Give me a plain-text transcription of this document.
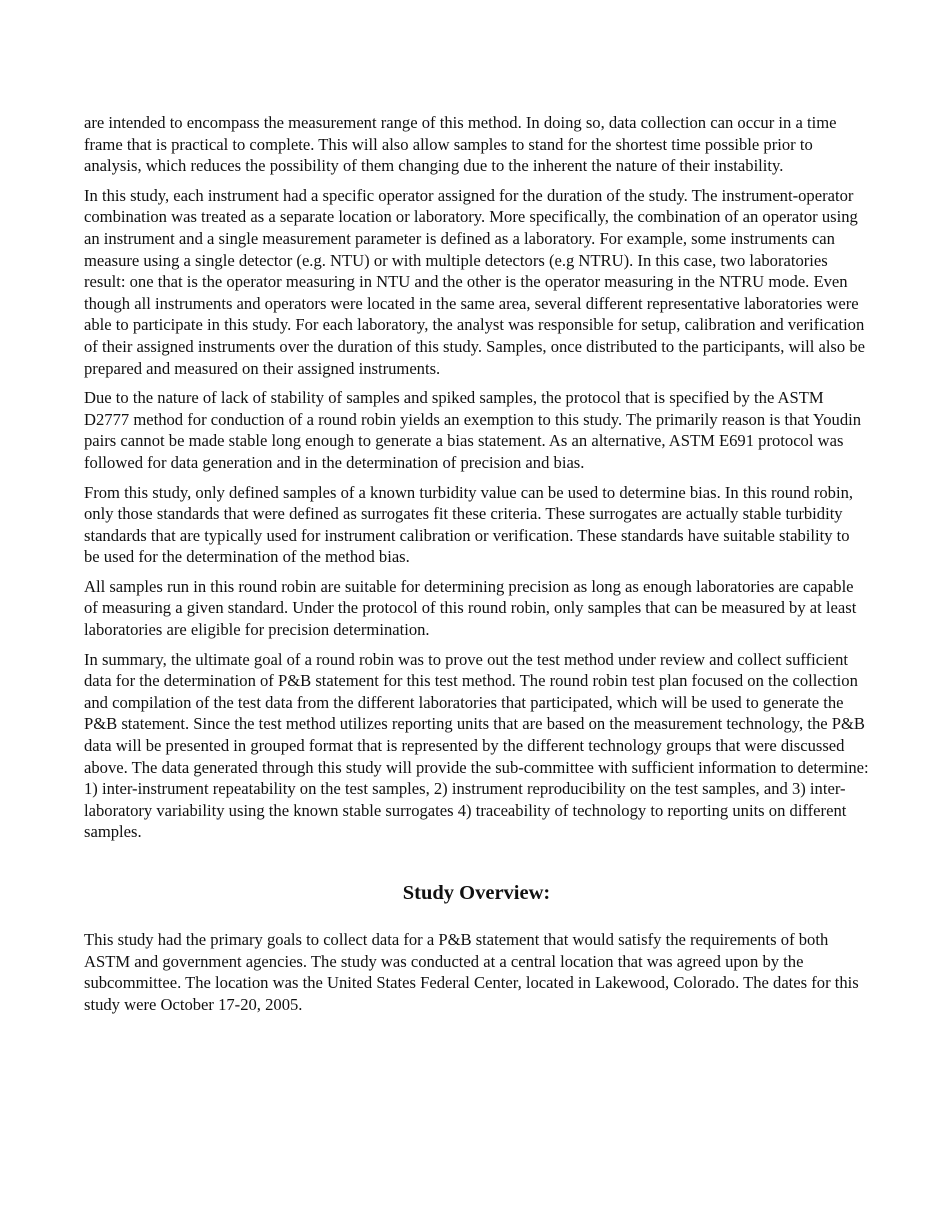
are intended to encompass the measurement range of this method. In doing so, data collection can occur in a time frame that is practical to complete. This will also allow samples to stand for the shortest time possible prior to analysis, which reduces the possibility of them changing due to the inherent the nature of their instability.

In this study, each instrument had a specific operator assigned for the duration of the study. The instrument-operator combination was treated as a separate location or laboratory. More specifically, the combination of an operator using an instrument and a single measurement parameter is defined as a laboratory. For example, some instruments can measure using a single detector (e.g. NTU) or with multiple detectors (e.g NTRU). In this case, two laboratories result: one that is the operator measuring in NTU and the other is the operator measuring in the NTRU mode. Even though all instruments and operators were located in the same area, several different representative laboratories were able to participate in this study. For each laboratory, the analyst was responsible for setup, calibration and verification of their assigned instruments over the duration of this study. Samples, once distributed to the participants, will also be prepared and measured on their assigned instruments.

Due to the nature of lack of stability of samples and spiked samples, the protocol that is specified by the ASTM D2777 method for conduction of a round robin yields an exemption to this study. The primarily reason is that Youdin pairs cannot be made stable long enough to generate a bias statement. As an alternative, ASTM E691 protocol was followed for data generation and in the determination of precision and bias.

From this study, only defined samples of a known turbidity value can be used to determine bias. In this round robin, only those standards that were defined as surrogates fit these criteria. These surrogates are actually stable turbidity standards that are typically used for instrument calibration or verification. These standards have suitable stability to be used for the determination of the method bias.

All samples run in this round robin are suitable for determining precision as long as enough laboratories are capable of measuring a given standard. Under the protocol of this round robin, only samples that can be measured by at least laboratories are eligible for precision determination.

In summary, the ultimate goal of a round robin was to prove out the test method under review and collect sufficient data for the determination of P&B statement for this test method. The round robin test plan focused on the collection and compilation of the test data from the different laboratories that participated, which will be used to generate the P&B statement. Since the test method utilizes reporting units that are based on the measurement technology, the P&B data will be presented in grouped format that is represented by the different technology groups that were discussed above. The data generated through this study will provide the sub-committee with sufficient information to determine: 1) inter-instrument repeatability on the test samples, 2) instrument reproducibility on the test samples, and 3) inter-laboratory variability using the known stable surrogates 4) traceability of technology to reporting units on different samples.

Study Overview:

This study had the primary goals to collect data for a P&B statement that would satisfy the requirements of both ASTM and government agencies. The study was conducted at a central location that was agreed upon by the subcommittee. The location was the United States Federal Center, located in Lakewood, Colorado. The dates for this study were October 17-20, 2005.
